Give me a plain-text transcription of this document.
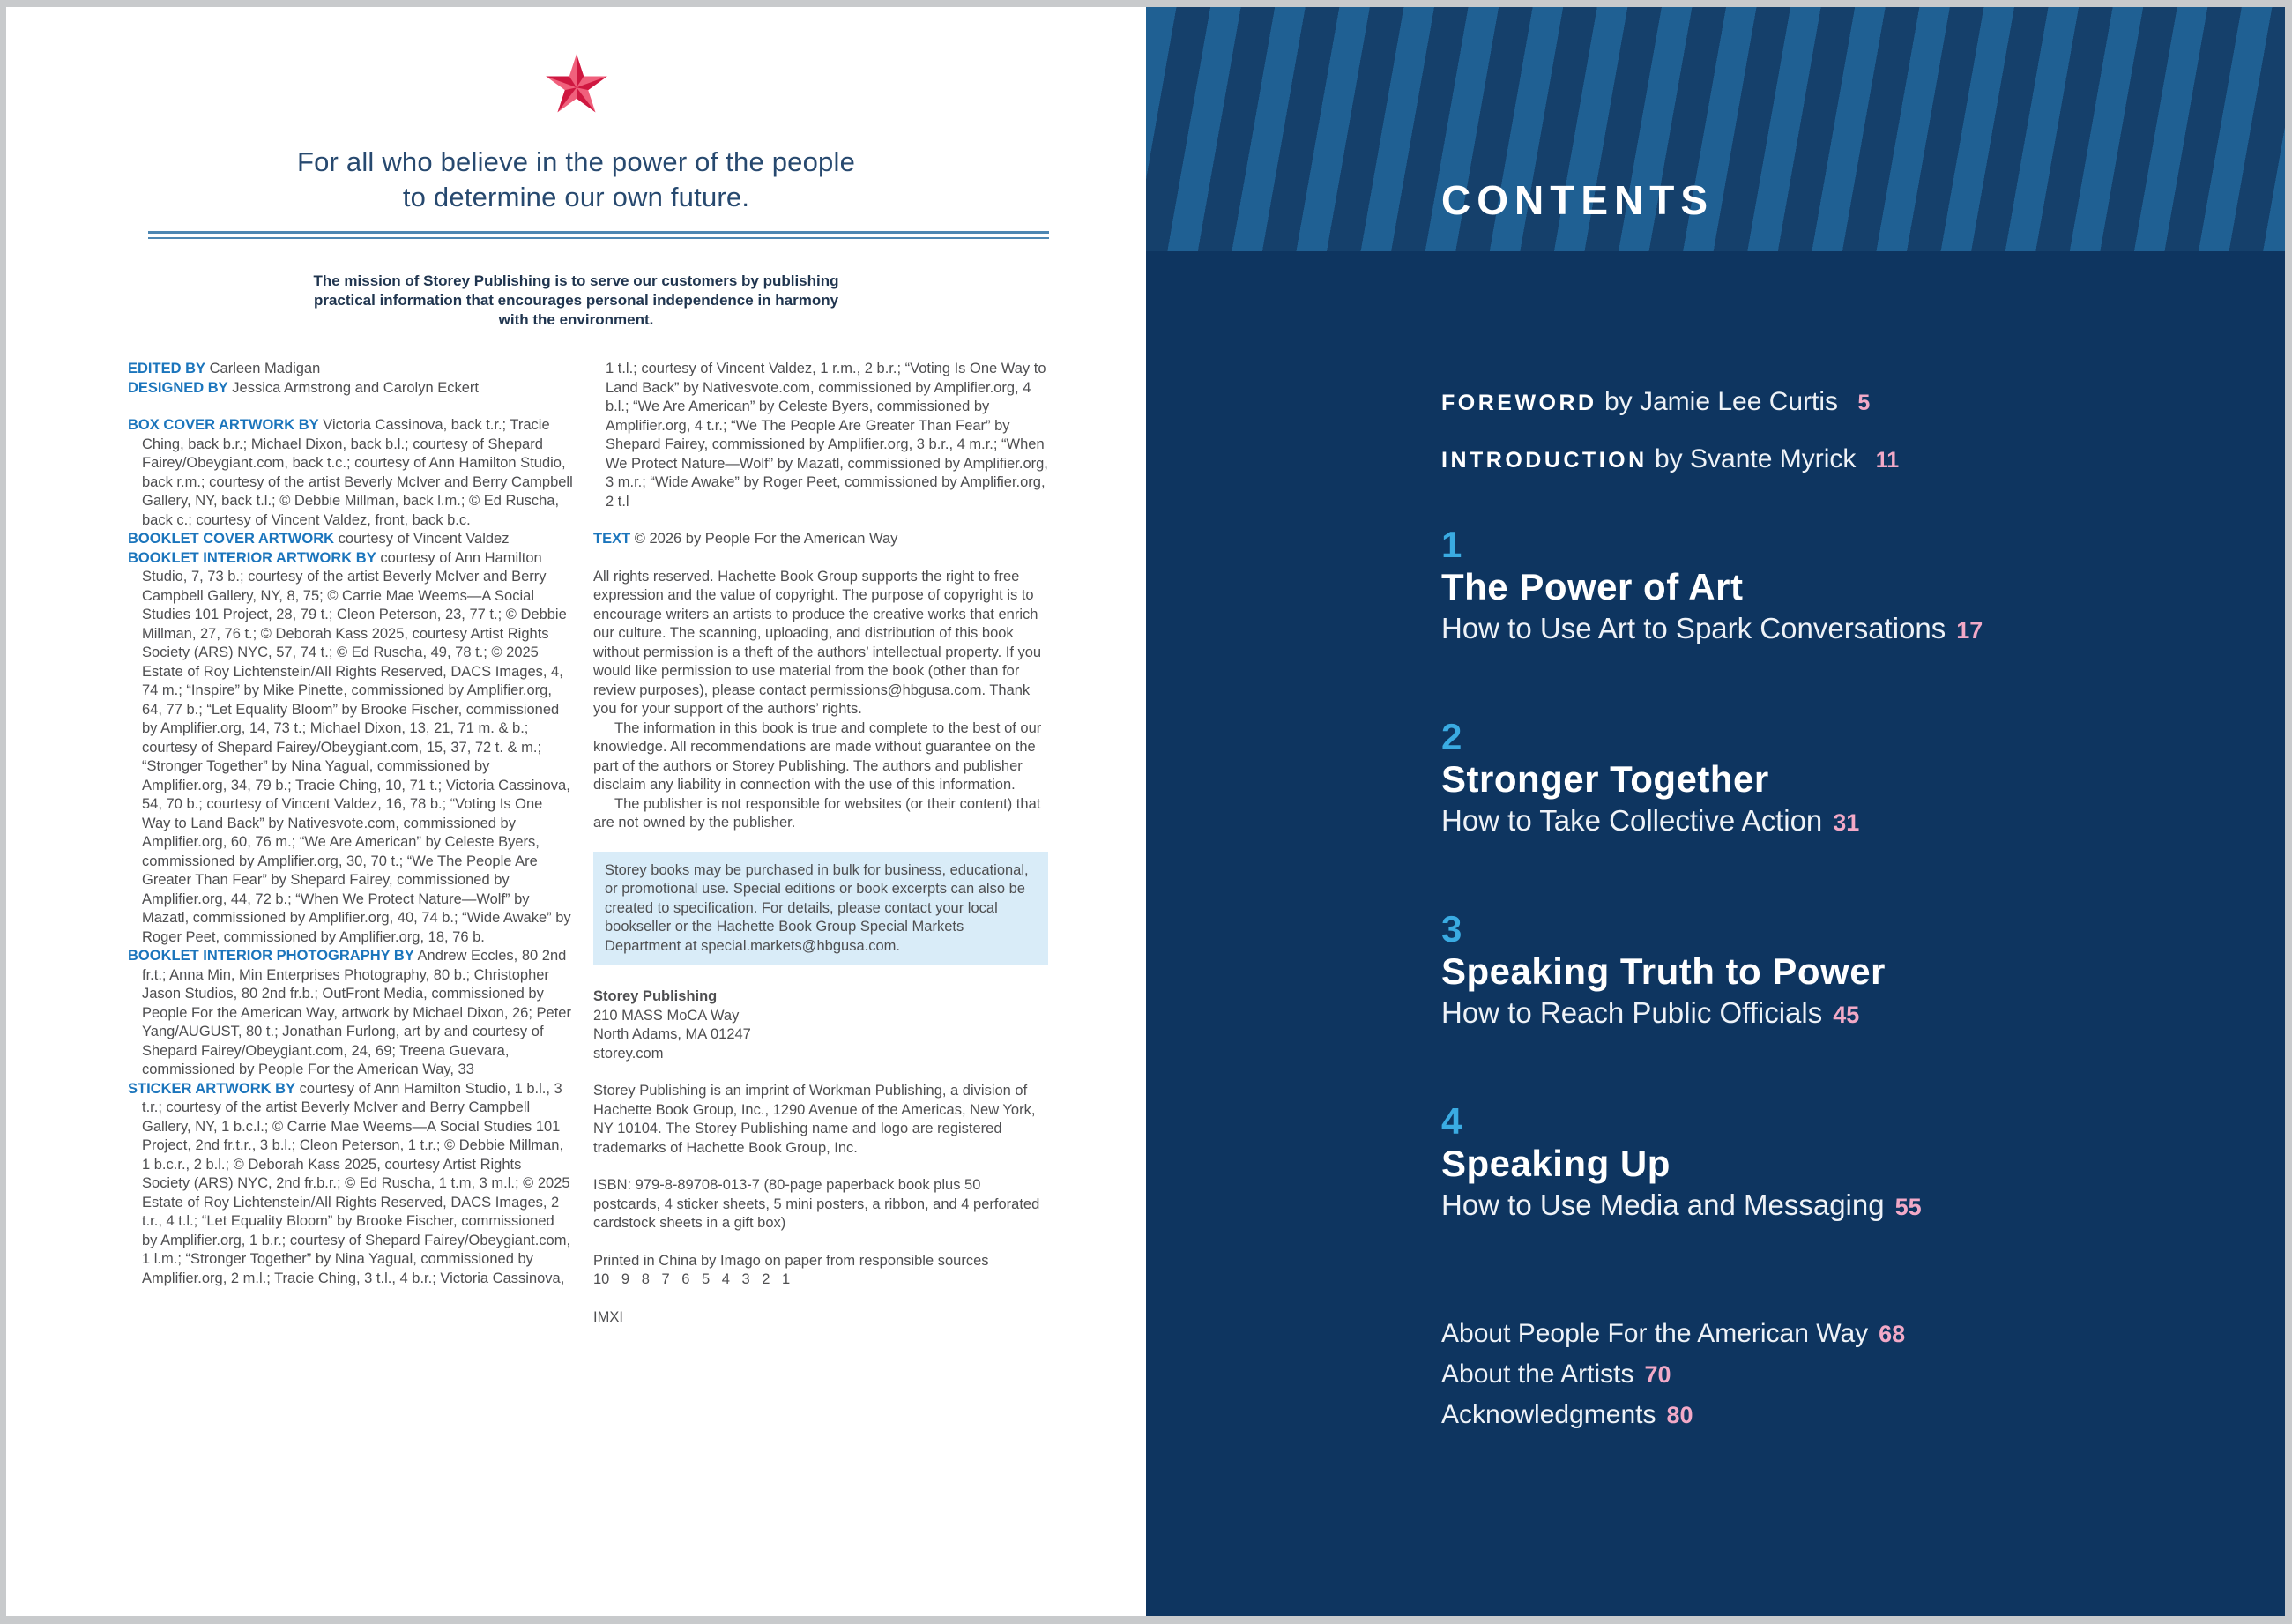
For all who believe in the power of the people
to determine our own future.
The mission of Storey Publishing is to serve our customers by publishing practical information that encourages personal independence in harmony with the environment.

EDITED BY Carleen Madigan

DESIGNED BY Jessica Armstrong and Carolyn Eckert

BOX COVER ARTWORK BY Victoria Cassinova, back t.r.; Tracie Ching, back b.r.; Michael Dixon, back b.l.; courtesy of Shepard Fairey/Obeygiant.com, back t.c.; courtesy of Ann Hamilton Studio, back r.m.; courtesy of the artist Beverly McIver and Berry Campbell Gallery, NY, back t.l.; © Debbie Millman, back l.m.; © Ed Ruscha, back c.; courtesy of Vincent Valdez, front, back b.c.

BOOKLET COVER ARTWORK courtesy of Vincent Valdez

BOOKLET INTERIOR ARTWORK BY courtesy of Ann Hamilton Studio, 7, 73 b.; courtesy of the artist Beverly McIver and Berry Campbell Gallery, NY, 8, 75; © Carrie Mae Weems—A Social Studies 101 Project, 28, 79 t.; Cleon Peterson, 23, 77 t.; © Debbie Millman, 27, 76 t.; © Deborah Kass 2025, courtesy Artist Rights Society (ARS) NYC, 57, 74 t.; © Ed Ruscha, 49, 78 t.; © 2025 Estate of Roy Lichtenstein/All Rights Reserved, DACS Images, 4, 74 m.; “Inspire” by Mike Pinette, commissioned by Amplifier.org, 64, 77 b.; “Let Equality Bloom” by Brooke Fischer, commissioned by Amplifier.org, 14, 73 t.; Michael Dixon, 13, 21, 71 m. & b.; courtesy of Shepard Fairey/Obeygiant.com, 15, 37, 72 t. & m.; “Stronger Together” by Nina Yagual, commissioned by Amplifier.org, 34, 79 b.; Tracie Ching, 10, 71 t.; Victoria Cassinova, 54, 70 b.; courtesy of Vincent Valdez, 16, 78 b.; “Voting Is One Way to Land Back” by Nativesvote.com, commissioned by Amplifier.org, 60, 76 m.; “We Are American” by Celeste Byers, commissioned by Amplifier.org, 30, 70 t.; “We The People Are Greater Than Fear” by Shepard Fairey, commissioned by Amplifier.org, 44, 72 b.; “When We Protect Nature—Wolf” by Mazatl, commissioned by Amplifier.org, 40, 74 b.; “Wide Awake” by Roger Peet, commissioned by Amplifier.org, 18, 76 b.

BOOKLET INTERIOR PHOTOGRAPHY BY Andrew Eccles, 80 2nd fr.t.; Anna Min, Min Enterprises Photography, 80 b.; Christopher Jason Studios, 80 2nd fr.b.; OutFront Media, commissioned by People For the American Way, artwork by Michael Dixon, 26; Peter Yang/AUGUST, 80 t.; Jonathan Furlong, art by and courtesy of Shepard Fairey/Obeygiant.com, 24, 69; Treena Guevara, commissioned by People For the American Way, 33

STICKER ARTWORK BY courtesy of Ann Hamilton Studio, 1 b.l., 3 t.r.; courtesy of the artist Beverly McIver and Berry Campbell Gallery, NY, 1 b.c.l.; © Carrie Mae Weems—A Social Studies 101 Project, 2nd fr.t.r., 3 b.l.; Cleon Peterson, 1 t.r.; © Debbie Millman, 1 b.c.r., 2 b.l.; © Deborah Kass 2025, courtesy Artist Rights Society (ARS) NYC, 2nd fr.b.r.; © Ed Ruscha, 1 t.m, 3 m.l.; © 2025 Estate of Roy Lichtenstein/All Rights Reserved, DACS Images, 2 t.r., 4 t.l.; “Let Equality Bloom” by Brooke Fischer, commissioned by Amplifier.org, 1 b.r.; courtesy of Shepard Fairey/Obeygiant.com, 1 l.m.; “Stronger Together” by Nina Yagual, commissioned by Amplifier.org, 2 m.l.; Tracie Ching, 3 t.l., 4 b.r.; Victoria Cassinova,

1 t.l.; courtesy of Vincent Valdez, 1 r.m., 2 b.r.; “Voting Is One Way to Land Back” by Nativesvote.com, commissioned by Amplifier.org, 4 b.l.; “We Are American” by Celeste Byers, commissioned by Amplifier.org, 4 t.r.; “We The People Are Greater Than Fear” by Shepard Fairey, commissioned by Amplifier.org, 3 b.r., 4 m.r.; “When We Protect Nature—Wolf” by Mazatl, commissioned by Amplifier.org, 3 m.r.; “Wide Awake” by Roger Peet, commissioned by Amplifier.org, 2 t.l

TEXT © 2026 by People For the American Way

All rights reserved. Hachette Book Group supports the right to free expression and the value of copyright. The purpose of copyright is to encourage writers an artists to produce the creative works that enrich our culture. The scanning, uploading, and distribution of this book without permission is a theft of the authors’ intellectual property. If you would like permission to use material from the book (other than for review purposes), please contact permissions@hbgusa.com. Thank you for your support of the authors’ rights.

The information in this book is true and complete to the best of our knowledge. All recommendations are made without guarantee on the part of the authors or Storey Publishing. The authors and publisher disclaim any liability in connection with the use of this information.

The publisher is not responsible for websites (or their content) that are not owned by the publisher.

Storey books may be purchased in bulk for business, educational, or promotional use. Special editions or book excerpts can also be created to specification. For details, please contact your local bookseller or the Hachette Book Group Special Markets Department at special.markets@hbgusa.com.

Storey Publishing
210 MASS MoCA Way
North Adams, MA 01247
storey.com

Storey Publishing is an imprint of Workman Publishing, a division of Hachette Book Group, Inc., 1290 Avenue of the Americas, New York, NY 10104. The Storey Publishing name and logo are registered trademarks of Hachette Book Group, Inc.

ISBN: 979-8-89708-013-7 (80-page paperback book plus 50 postcards, 4 sticker sheets, 5 mini posters, a ribbon, and 4 perforated cardstock sheets in a gift box)

Printed in China by Imago on paper from responsible sources

10 9 8 7 6 5 4 3 2 1

IMXI

CONTENTS
FOREWORD by Jamie Lee Curtis 5
INTRODUCTION by Svante Myrick 11
1
The Power of Art
How to Use Art to Spark Conversations 17
2
Stronger Together
How to Take Collective Action 31
3
Speaking Truth to Power
How to Reach Public Officials 45
4
Speaking Up
How to Use Media and Messaging 55
About People For the American Way 68
About the Artists 70
Acknowledgments 80
